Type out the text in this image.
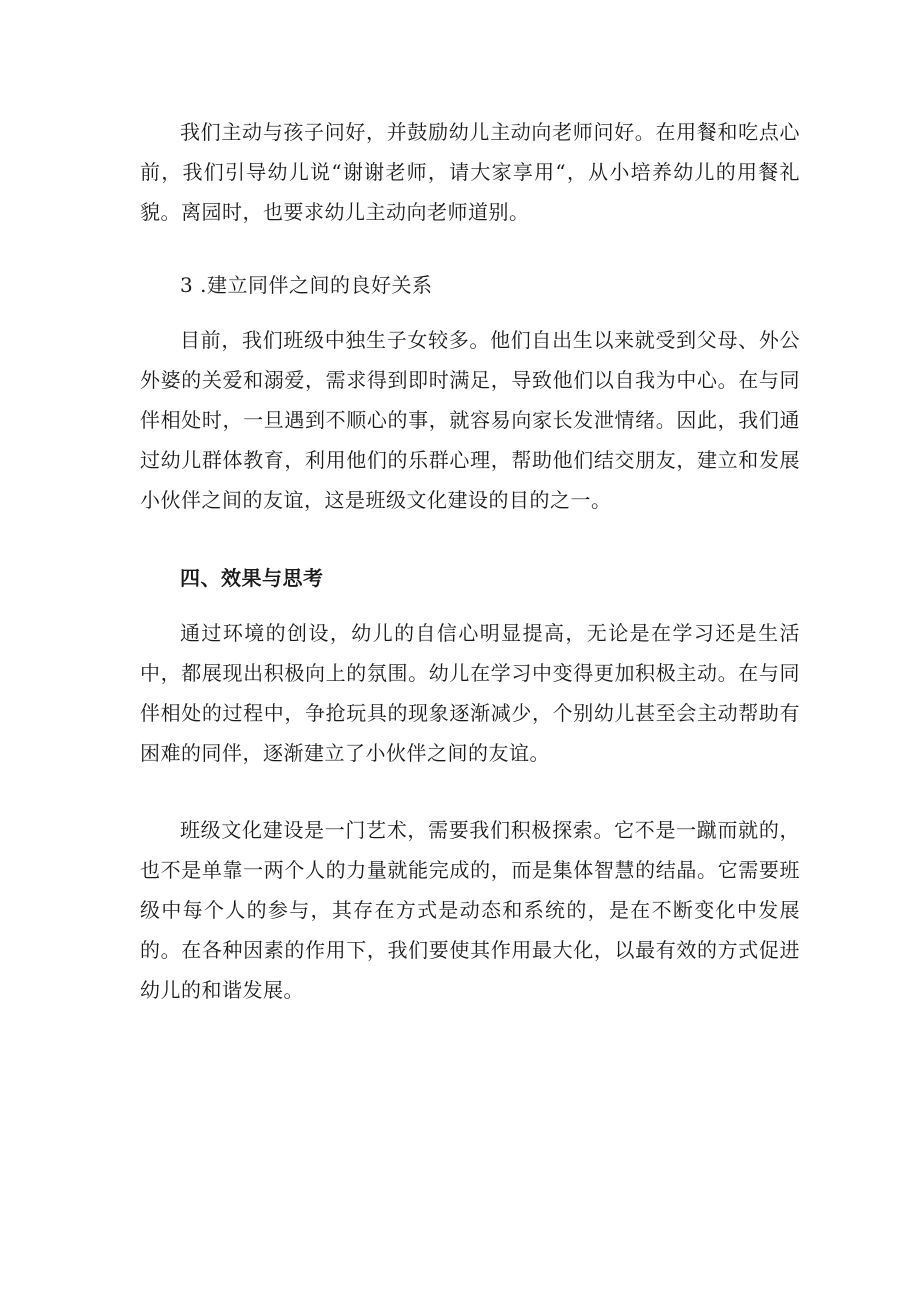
我们主动与孩子问好，并鼓励幼儿主动向老师问好。在用餐和吃点心前，我们引导幼儿说“谢谢老师，请大家享用“，从小培养幼儿的用餐礼貌。离园时，也要求幼儿主动向老师道别。

3 .建立同伴之间的良好关系

目前，我们班级中独生子女较多。他们自出生以来就受到父母、外公外婆的关爱和溺爱，需求得到即时满足，导致他们以自我为中心。在与同伴相处时，一旦遇到不顺心的事，就容易向家长发泄情绪。因此，我们通过幼儿群体教育，利用他们的乐群心理，帮助他们结交朋友，建立和发展小伙伴之间的友谊，这是班级文化建设的目的之一。

四、效果与思考

通过环境的创设，幼儿的自信心明显提高，无论是在学习还是生活中，都展现出积极向上的氛围。幼儿在学习中变得更加积极主动。在与同伴相处的过程中，争抢玩具的现象逐渐减少，个别幼儿甚至会主动帮助有困难的同伴，逐渐建立了小伙伴之间的友谊。

班级文化建设是一门艺术，需要我们积极探索。它不是一蹴而就的，也不是单靠一两个人的力量就能完成的，而是集体智慧的结晶。它需要班级中每个人的参与，其存在方式是动态和系统的，是在不断变化中发展的。在各种因素的作用下，我们要使其作用最大化，以最有效的方式促进幼儿的和谐发展。
